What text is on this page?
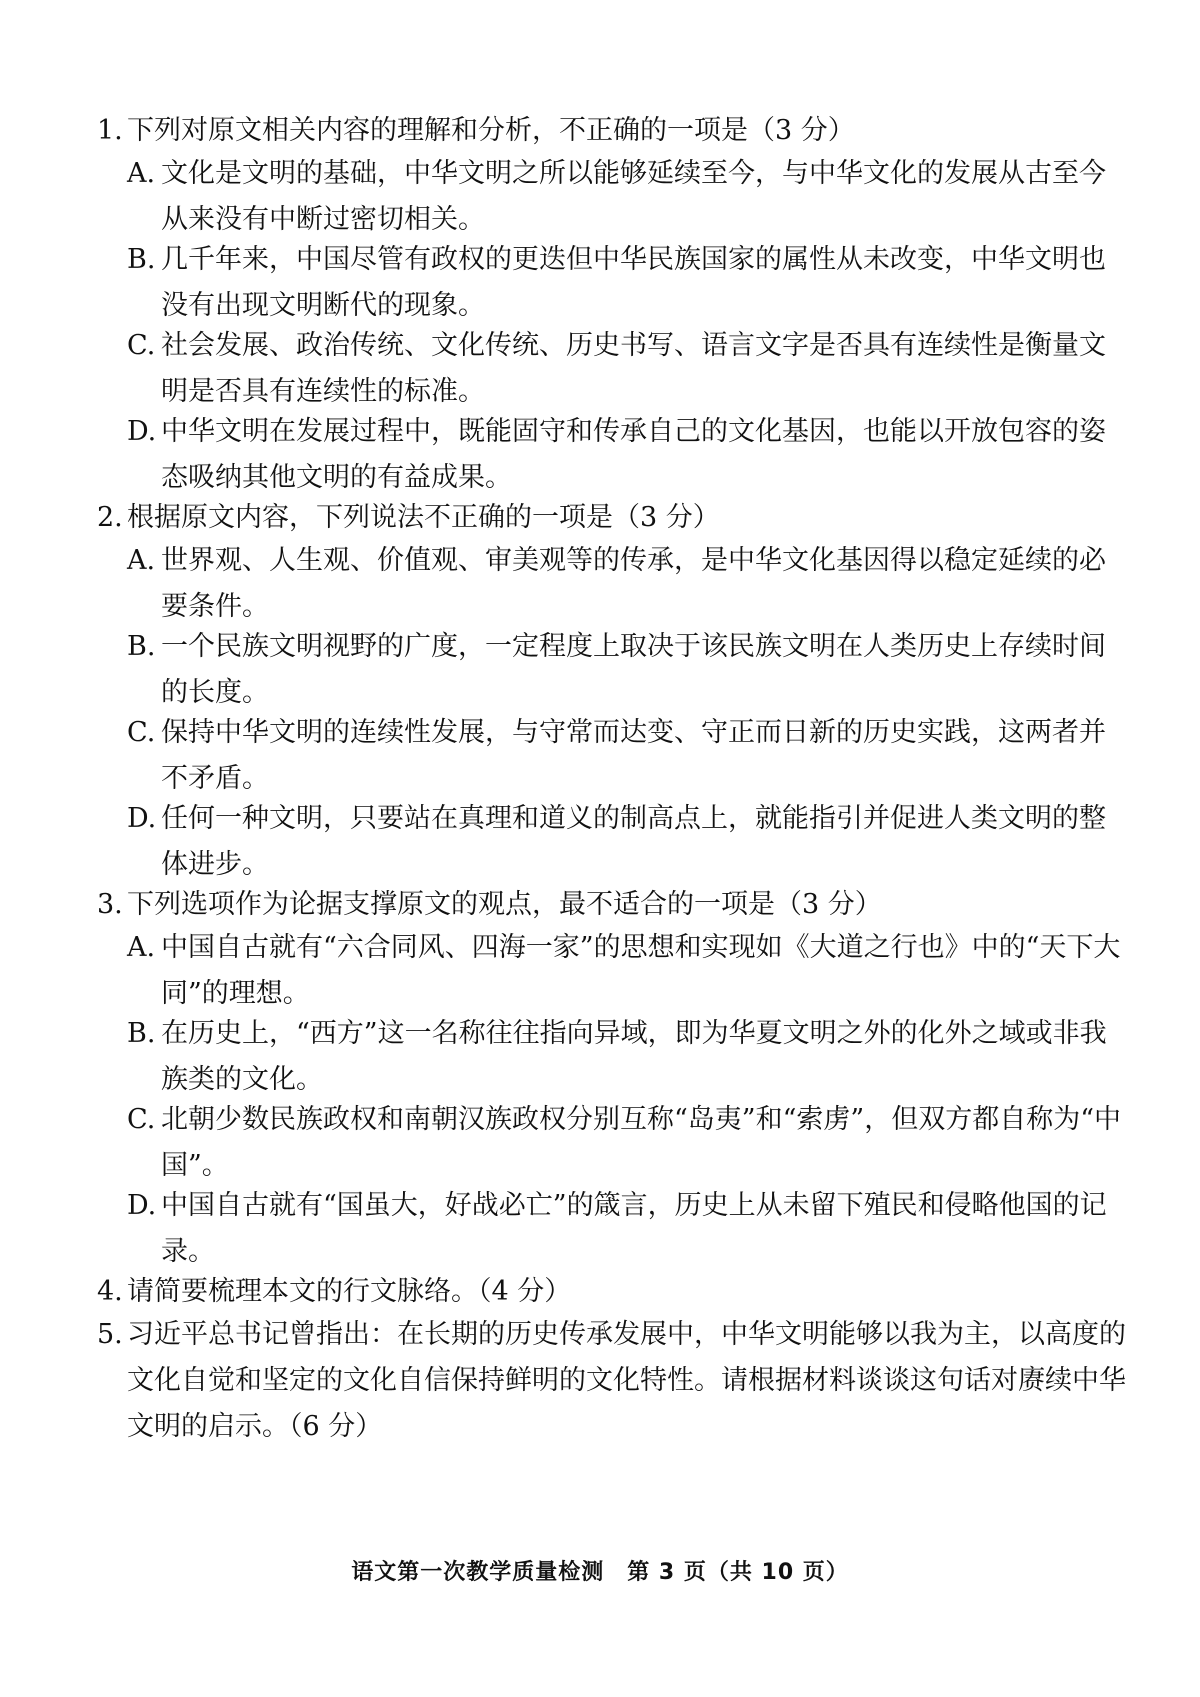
1. 下列对原文相关内容的理解和分析，不正确的一项是（3 分）
A. 文化是文明的基础，中华文明之所以能够延续至今，与中华文化的发展从古至今从来没有中断过密切相关。
B. 几千年来，中国尽管有政权的更迭但中华民族国家的属性从未改变，中华文明也没有出现文明断代的现象。
C. 社会发展、政治传统、文化传统、历史书写、语言文字是否具有连续性是衡量文明是否具有连续性的标准。
D. 中华文明在发展过程中，既能固守和传承自己的文化基因，也能以开放包容的姿态吸纳其他文明的有益成果。
2. 根据原文内容，下列说法不正确的一项是（3 分）
A. 世界观、人生观、价值观、审美观等的传承，是中华文化基因得以稳定延续的必要条件。
B. 一个民族文明视野的广度，一定程度上取决于该民族文明在人类历史上存续时间的长度。
C. 保持中华文明的连续性发展，与守常而达变、守正而日新的历史实践，这两者并不矛盾。
D. 任何一种文明，只要站在真理和道义的制高点上，就能指引并促进人类文明的整体进步。
3. 下列选项作为论据支撑原文的观点，最不适合的一项是（3 分）
A. 中国自古就有“六合同风、四海一家”的思想和实现如《大道之行也》中的“天下大同”的理想。
B. 在历史上，“西方”这一名称往往指向异域，即为华夏文明之外的化外之域或非我族类的文化。
C. 北朝少数民族政权和南朝汉族政权分别互称“岛夷”和“索虏”，但双方都自称为“中国”。
D. 中国自古就有“国虽大，好战必亡”的箴言，历史上从未留下殖民和侵略他国的记录。
4. 请简要梳理本文的行文脉络。（4 分）
5. 习近平总书记曾指出：在长期的历史传承发展中，中华文明能够以我为主，以高度的文化自觉和坚定的文化自信保持鲜明的文化特性。请根据材料谈谈这句话对赓续中华文明的启示。（6 分）
语文第一次教学质量检测　第 3 页（共 10 页）
